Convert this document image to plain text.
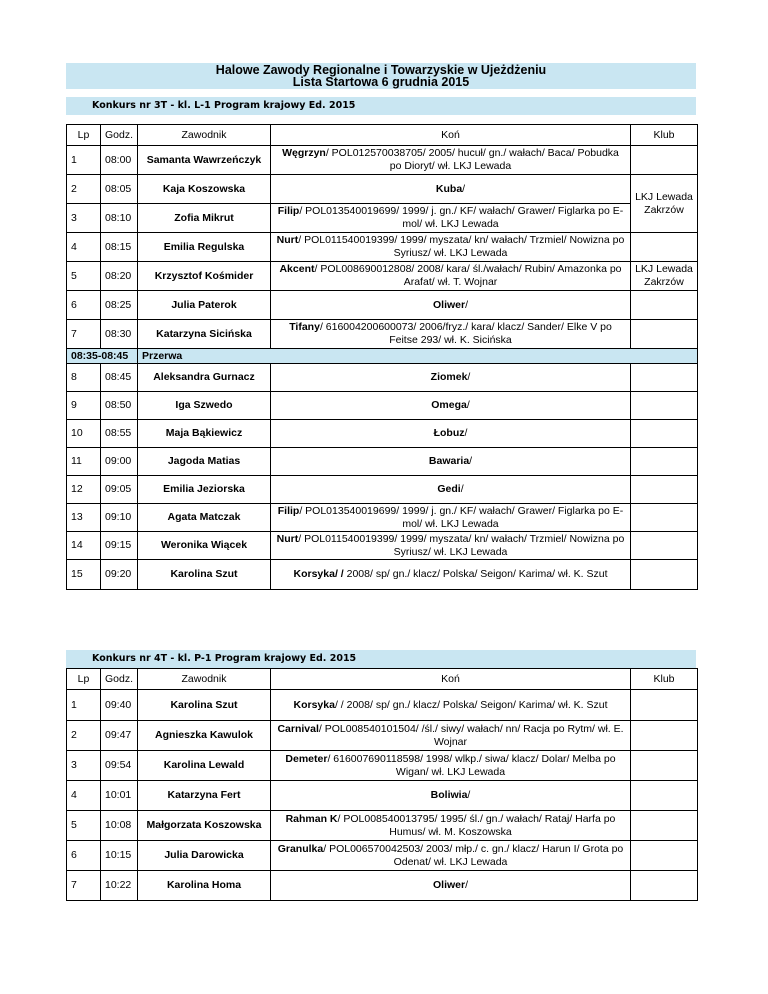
Halowe Zawody Regionalne i Towarzyskie w Ujeżdżeniu
Lista Startowa 6 grudnia 2015
Konkurs nr 3T - kl. L-1 Program krajowy Ed. 2015
Lp	Godz.	Zawodnik	Koń	Klub
1	08:00	Samanta Wawrzeńczyk	Węgrzyn/ POL012570038705/ 2005/ hucuł/ gn./ wałach/ Baca/ Pobudka po Dioryt/ wł. LKJ Lewada	
2	08:05	Kaja Koszowska	Kuba/	LKJ Lewada
Zakrzów

3	08:10	Zofia Mikrut	Filip/ POL013540019699/ 1999/ j. gn./ KF/ wałach/ Grawer/ Figlarka po E-mol/ wł. LKJ Lewada	
4	08:15	Emilia Regulska	Nurt/ POL011540019399/ 1999/ myszata/ kn/ wałach/ Trzmiel/ Nowizna po Syriusz/ wł. LKJ Lewada	
5	08:20	Krzysztof Kośmider	Akcent/ POL008690012808/ 2008/ kara/ śl./wałach/ Rubin/ Amazonka po Arafat/ wł. T. Wojnar	LKJ Lewada
Zakrzów

6	08:25	Julia Paterok	Oliwer/	
7	08:30	Katarzyna Sicińska	Tifany/ 616004200600073/ 2006/fryz./ kara/ klacz/ Sander/ Elke V po Feitse 293/ wł. K. Sicińska	
08:35-08:45		Przerwa		
8	08:45	Aleksandra Gurnacz	Ziomek/	
9	08:50	Iga Szwedo	Omega/	
10	08:55	Maja Bąkiewicz	Łobuz/	
11	09:00	Jagoda Matias	Bawaria/	
12	09:05	Emilia Jeziorska	Gedi/	
13	09:10	Agata Matczak	Filip/ POL013540019699/ 1999/ j. gn./ KF/ wałach/ Grawer/ Figlarka po E-mol/ wł. LKJ Lewada	
14	09:15	Weronika Wiącek	Nurt/ POL011540019399/ 1999/ myszata/ kn/ wałach/ Trzmiel/ Nowizna po Syriusz/ wł. LKJ Lewada	
15	09:20	Karolina Szut	Korsyka/ / 2008/ sp/ gn./ klacz/ Polska/ Seigon/ Karima/ wł. K. Szut	
Konkurs nr 4T - kl. P-1 Program krajowy Ed. 2015
Lp	Godz.	Zawodnik	Koń	Klub
1	09:40	Karolina Szut	Korsyka/ / 2008/ sp/ gn./ klacz/ Polska/ Seigon/ Karima/ wł. K. Szut	
2	09:47	Agnieszka Kawulok	Carnival/ POL008540101504/ /śl./ siwy/ wałach/ nn/ Racja po Rytm/ wł. E. Wojnar	
3	09:54	Karolina Lewald	Demeter/ 616007690118598/ 1998/ wlkp./ siwa/ klacz/ Dolar/ Melba po Wigan/ wł. LKJ Lewada	
4	10:01	Katarzyna Fert	Boliwia/	
5	10:08	Małgorzata Koszowska	Rahman K/ POL008540013795/ 1995/ śl./ gn./ wałach/ Rataj/ Harfa po Humus/ wł. M. Koszowska	
6	10:15	Julia Darowicka	Granulka/ POL006570042503/ 2003/ młp./ c. gn./ klacz/ Harun I/ Grota po Odenat/ wł. LKJ Lewada	
7	10:22	Karolina Homa	Oliwer/	
